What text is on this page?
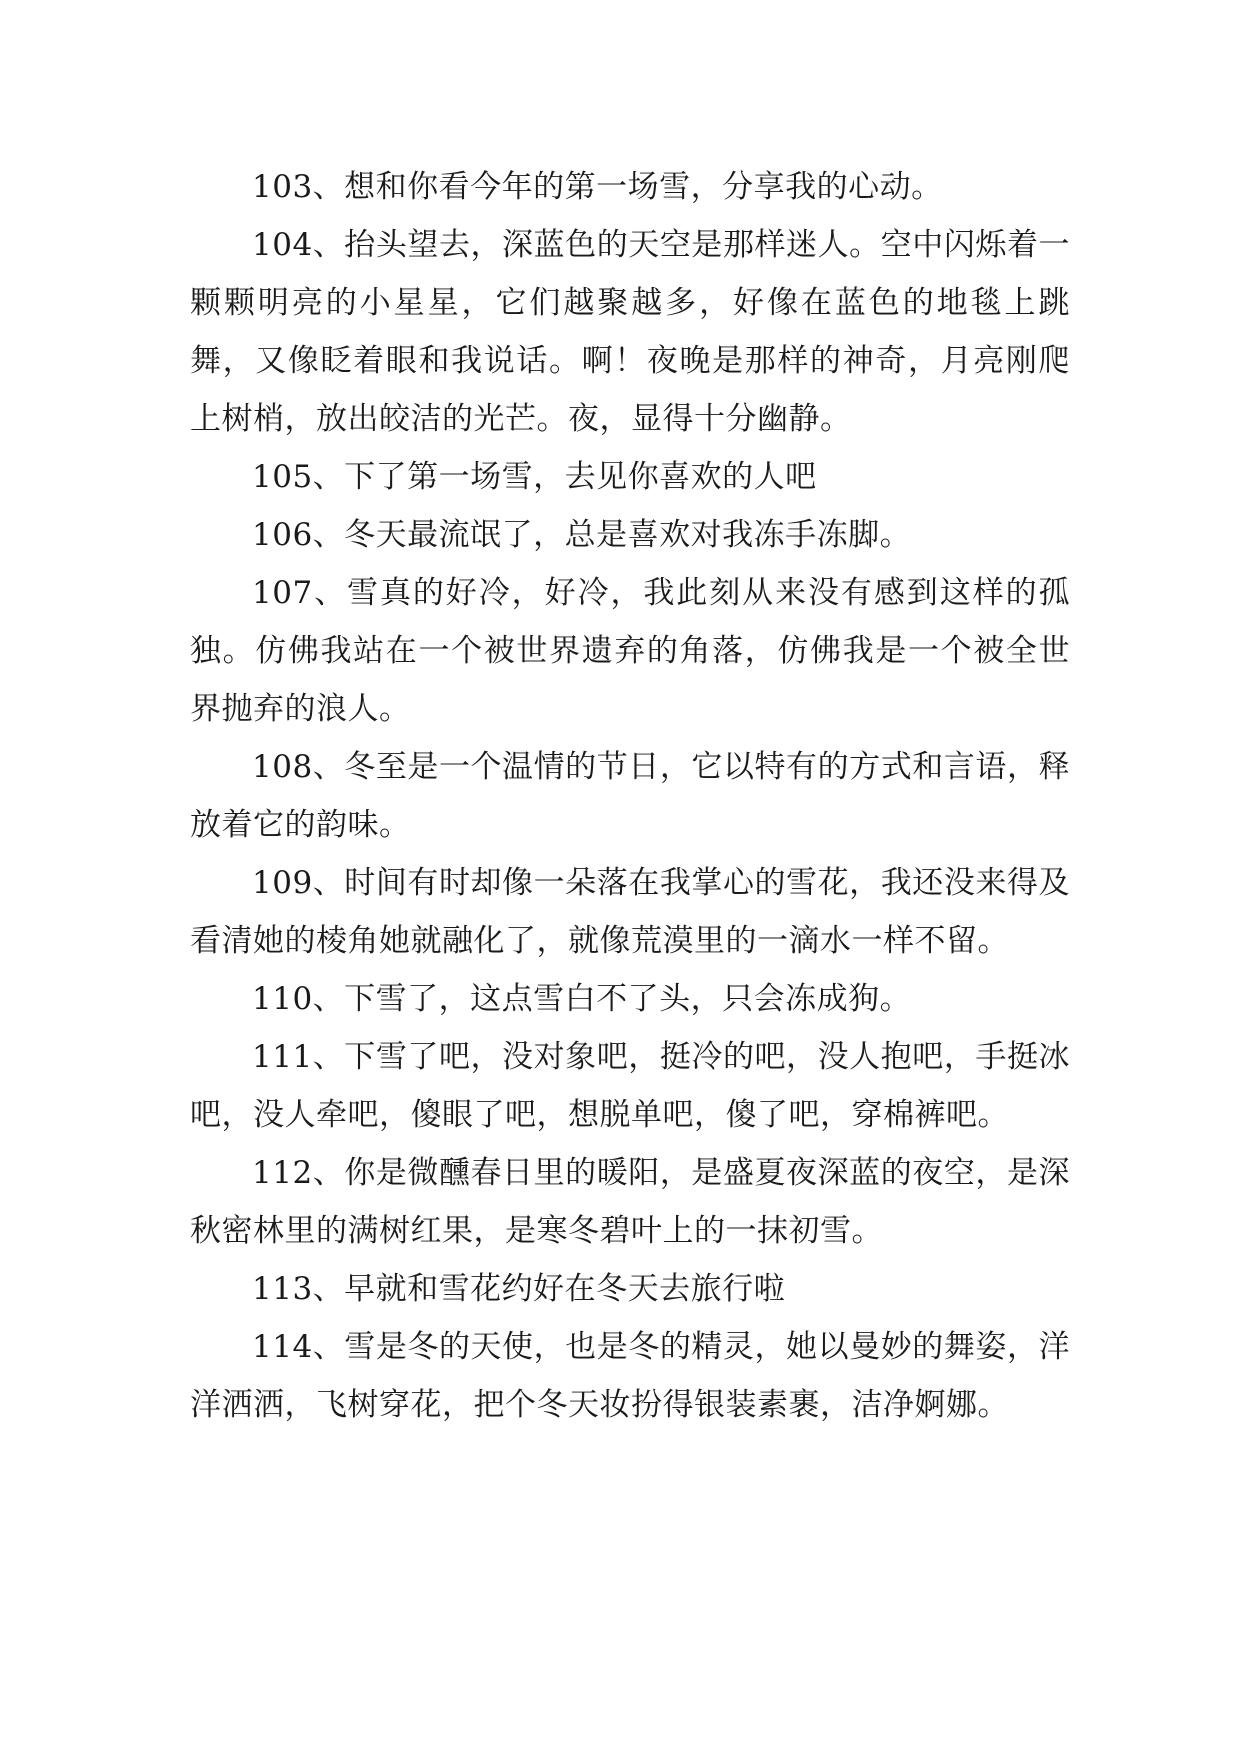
103、想和你看今年的第一场雪，分享我的心动。

104、抬头望去，深蓝色的天空是那样迷人。空中闪烁着一颗颗明亮的小星星，它们越聚越多，好像在蓝色的地毯上跳舞，又像眨着眼和我说话。啊！夜晚是那样的神奇，月亮刚爬上树梢，放出皎洁的光芒。夜，显得十分幽静。

105、下了第一场雪，去见你喜欢的人吧

106、冬天最流氓了，总是喜欢对我冻手冻脚。

107、雪真的好冷，好冷，我此刻从来没有感到这样的孤独。仿佛我站在一个被世界遗弃的角落，仿佛我是一个被全世界抛弃的浪人。

108、冬至是一个温情的节日，它以特有的方式和言语，释放着它的韵味。

109、时间有时却像一朵落在我掌心的雪花，我还没来得及看清她的棱角她就融化了，就像荒漠里的一滴水一样不留。

110、下雪了，这点雪白不了头，只会冻成狗。

111、下雪了吧，没对象吧，挺冷的吧，没人抱吧，手挺冰吧，没人牵吧，傻眼了吧，想脱单吧，傻了吧，穿棉裤吧。

112、你是微醺春日里的暖阳，是盛夏夜深蓝的夜空，是深秋密林里的满树红果，是寒冬碧叶上的一抹初雪。

113、早就和雪花约好在冬天去旅行啦

114、雪是冬的天使，也是冬的精灵，她以曼妙的舞姿，洋洋洒洒，飞树穿花，把个冬天妆扮得银装素裹，洁净婀娜。
